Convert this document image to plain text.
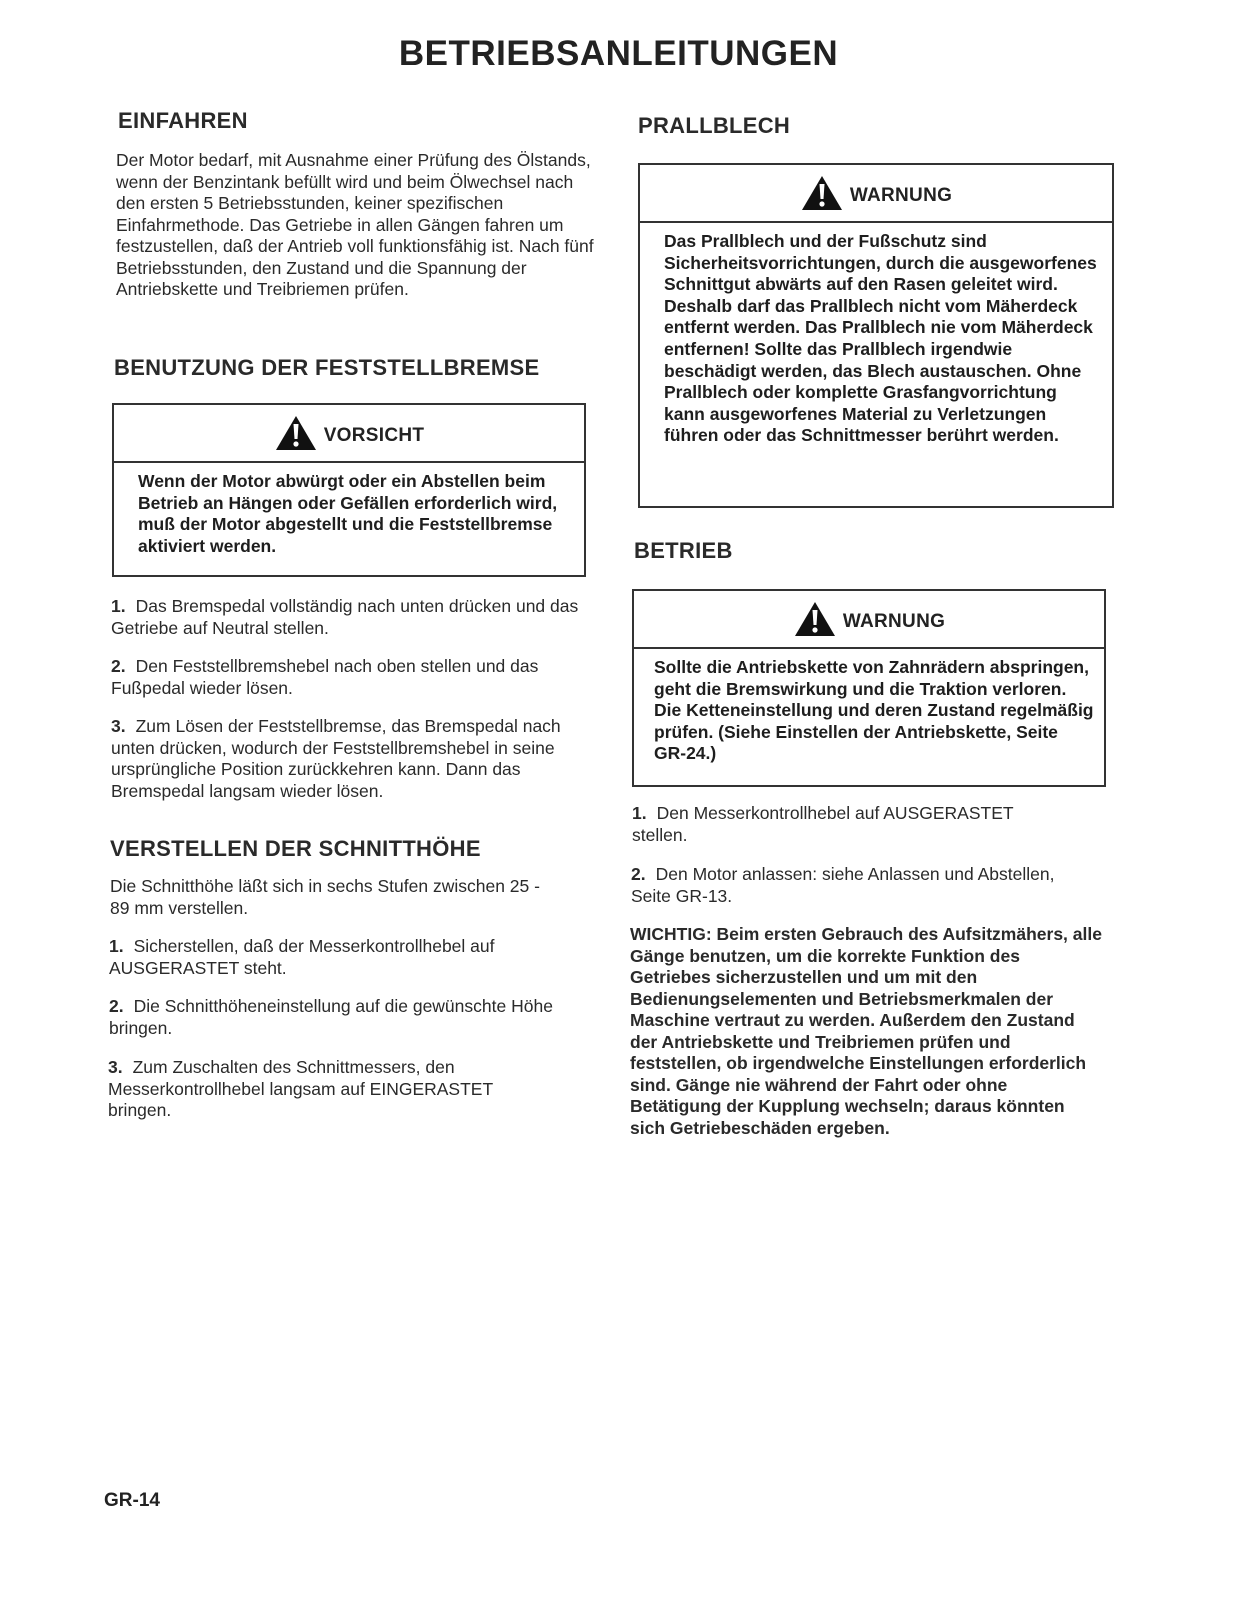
BETRIEBSANLEITUNGEN
EINFAHREN

Der Motor bedarf, mit Ausnahme einer Prüfung des Ölstands, wenn der Benzintank befüllt wird und beim Ölwechsel nach den ersten 5 Betriebsstunden, keiner spezifischen Einfahrmethode. Das Getriebe in allen Gängen fahren um festzustellen, daß der Antrieb voll funktionsfähig ist. Nach fünf Betriebsstunden, den Zustand und die Spannung der Antriebskette und Treibriemen prüfen.

BENUTZUNG DER FESTSTELLBREMSE
VORSICHT
Wenn der Motor abwürgt oder ein Abstellen beim Betrieb an Hängen oder Gefällen erforderlich wird, muß der Motor abgestellt und die Feststellbremse aktiviert werden.

1. Das Bremspedal vollständig nach unten drücken und das Getriebe auf Neutral stellen.

2. Den Feststellbremshebel nach oben stellen und das Fußpedal wieder lösen.

3. Zum Lösen der Feststellbremse, das Bremspedal nach unten drücken, wodurch der Feststellbremshebel in seine ursprüngliche Position zurückkehren kann. Dann das Bremspedal langsam wieder lösen.

VERSTELLEN DER SCHNITTHÖHE

Die Schnitthöhe läßt sich in sechs Stufen zwischen 25 - 89 mm verstellen.

1. Sicherstellen, daß der Messerkontrollhebel auf AUSGERASTET steht.

2. Die Schnitthöheneinstellung auf die gewünschte Höhe bringen.

3. Zum Zuschalten des Schnittmessers, den Messerkontrollhebel langsam auf EINGERASTET bringen.

PRALLBLECH
WARNUNG
Das Prallblech und der Fußschutz sind Sicherheitsvorrichtungen, durch die ausgeworfenes Schnittgut abwärts auf den Rasen geleitet wird. Deshalb darf das Prallblech nicht vom Mäherdeck entfernt werden. Das Prallblech nie vom Mäherdeck entfernen! Sollte das Prallblech irgendwie beschädigt werden, das Blech austauschen. Ohne Prallblech oder komplette Grasfangvorrichtung kann ausgeworfenes Material zu Verletzungen führen oder das Schnittmesser berührt werden.
BETRIEB
WARNUNG
Sollte die Antriebskette von Zahnrädern abspringen, geht die Bremswirkung und die Traktion verloren. Die Ketteneinstellung und deren Zustand regelmäßig prüfen. (Siehe Einstellen der Antriebskette, Seite GR-24.)

1. Den Messerkontrollhebel auf AUSGERASTET stellen.

2. Den Motor anlassen: siehe Anlassen und Abstellen, Seite GR-13.

WICHTIG: Beim ersten Gebrauch des Aufsitzmähers, alle Gänge benutzen, um die korrekte Funktion des Getriebes sicherzustellen und um mit den Bedienungselementen und Betriebsmerkmalen der Maschine vertraut zu werden. Außerdem den Zustand der Antriebskette und Treibriemen prüfen und feststellen, ob irgendwelche Einstellungen erforderlich sind. Gänge nie während der Fahrt oder ohne Betätigung der Kupplung wechseln; daraus könnten sich Getriebeschäden ergeben.

GR-14
